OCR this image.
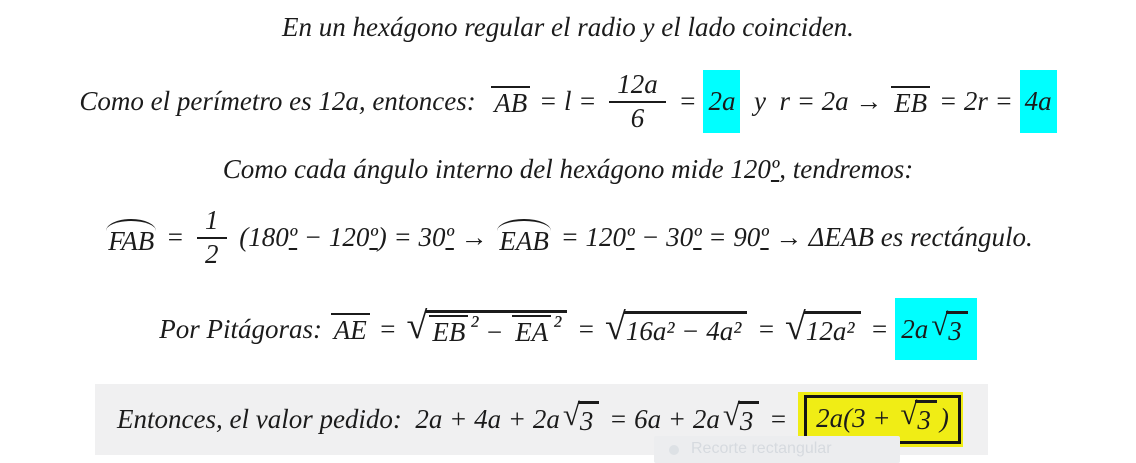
En un hexágono regular el radio y el lado coinciden.
Como el perímetro es 12a, entonces: AB = $l = \frac{12a}{6} = 2a$ y  r = 2a → EB = 2r = 4a
Como cada ángulo interno del hexágono mide 120 º , tendremos:
FAB = $\frac{1}{2} (180$ º − 120 º ) = 30 º → EAB = 120 º − 30 º = 90 º → ΔEAB es rectángulo.
Por Pitágoras: AE = √ EB ² − EA ² = √ 16a² − 4a² = √ 12a² = 2a √ 3
Entonces, el valor pedido:  2a + 4a + 2a √ 3 = 6a + 2a √ 3 = 2a(3 + √ 3 )
Recorte rectangular
